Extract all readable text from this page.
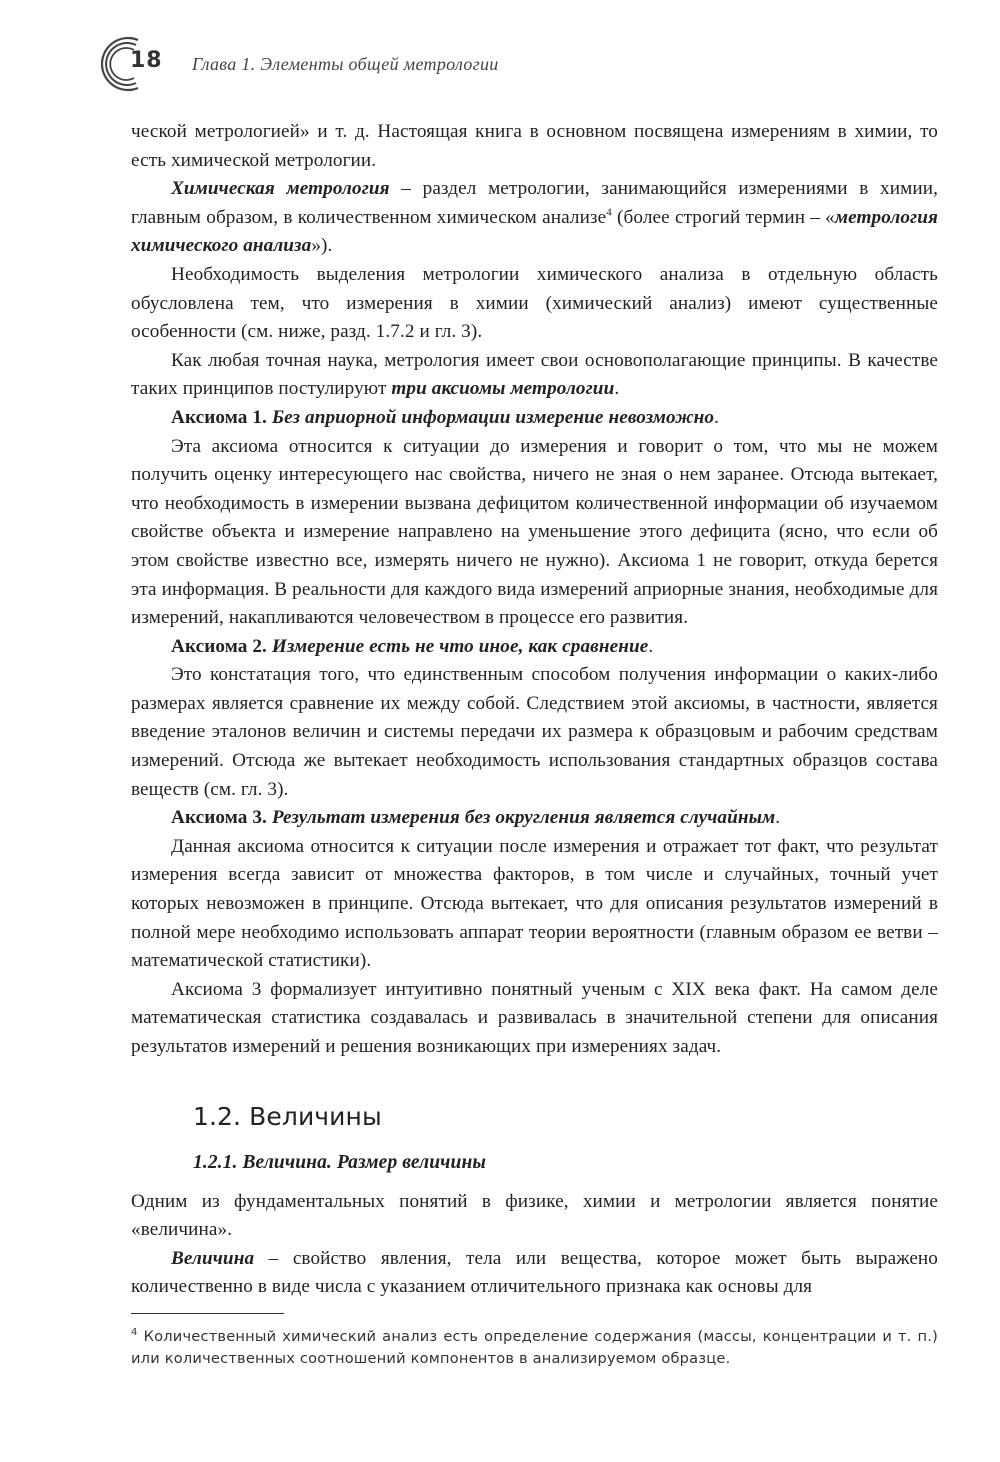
18 Глава 1. Элементы общей метрологии

ческой метрологией» и т. д. Настоящая книга в основном посвящена измерениям в химии, то есть химической метрологии.

Химическая метрология – раздел метрологии, занимающийся измерениями в химии, главным образом, в количественном химическом анализе$^4$ (более строгий термин – «метрология химического анализа»).

Необходимость выделения метрологии химического анализа в отдельную область обусловлена тем, что измерения в химии (химический анализ) имеют существенные особенности (см. ниже, разд. 1.7.2 и гл. 3).

Как любая точная наука, метрология имеет свои основополагающие принципы. В качестве таких принципов постулируют три аксиомы метрологии.

Аксиома 1. Без априорной информации измерение невозможно.

Эта аксиома относится к ситуации до измерения и говорит о том, что мы не можем получить оценку интересующего нас свойства, ничего не зная о нем заранее. Отсюда вытекает, что необходимость в измерении вызвана дефицитом количественной информации об изучаемом свойстве объекта и измерение направлено на уменьшение этого дефицита (ясно, что если об этом свойстве известно все, измерять ничего не нужно). Аксиома 1 не говорит, откуда берется эта информация. В реальности для каждого вида измерений априорные знания, необходимые для измерений, накапливаются человечеством в процессе его развития.

Аксиома 2. Измерение есть не что иное, как сравнение.

Это констатация того, что единственным способом получения информации о каких-либо размерах является сравнение их между собой. Следствием этой аксиомы, в частности, является введение эталонов величин и системы передачи их размера к образцовым и рабочим средствам измерений. Отсюда же вытекает необходимость использования стандартных образцов состава веществ (см. гл. 3).

Аксиома 3. Результат измерения без округления является случайным.

Данная аксиома относится к ситуации после измерения и отражает тот факт, что результат измерения всегда зависит от множества факторов, в том числе и случайных, точный учет которых невозможен в принципе. Отсюда вытекает, что для описания результатов измерений в полной мере необходимо использовать аппарат теории вероятности (главным образом ее ветви – математической статистики).

Аксиома 3 формализует интуитивно понятный ученым с XIX века факт. На самом деле математическая статистика создавалась и развивалась в значительной степени для описания результатов измерений и решения возникающих при измерениях задач.

1.2. Величины
1.2.1. Величина. Размер величины

Одним из фундаментальных понятий в физике, химии и метрологии является понятие «величина».

Величина – свойство явления, тела или вещества, которое может быть выражено количественно в виде числа с указанием отличительного признака как основы для

$^4$ Количественный химический анализ есть определение содержания (массы, концентрации и т. п.) или количественных соотношений компонентов в анализируемом образце.
